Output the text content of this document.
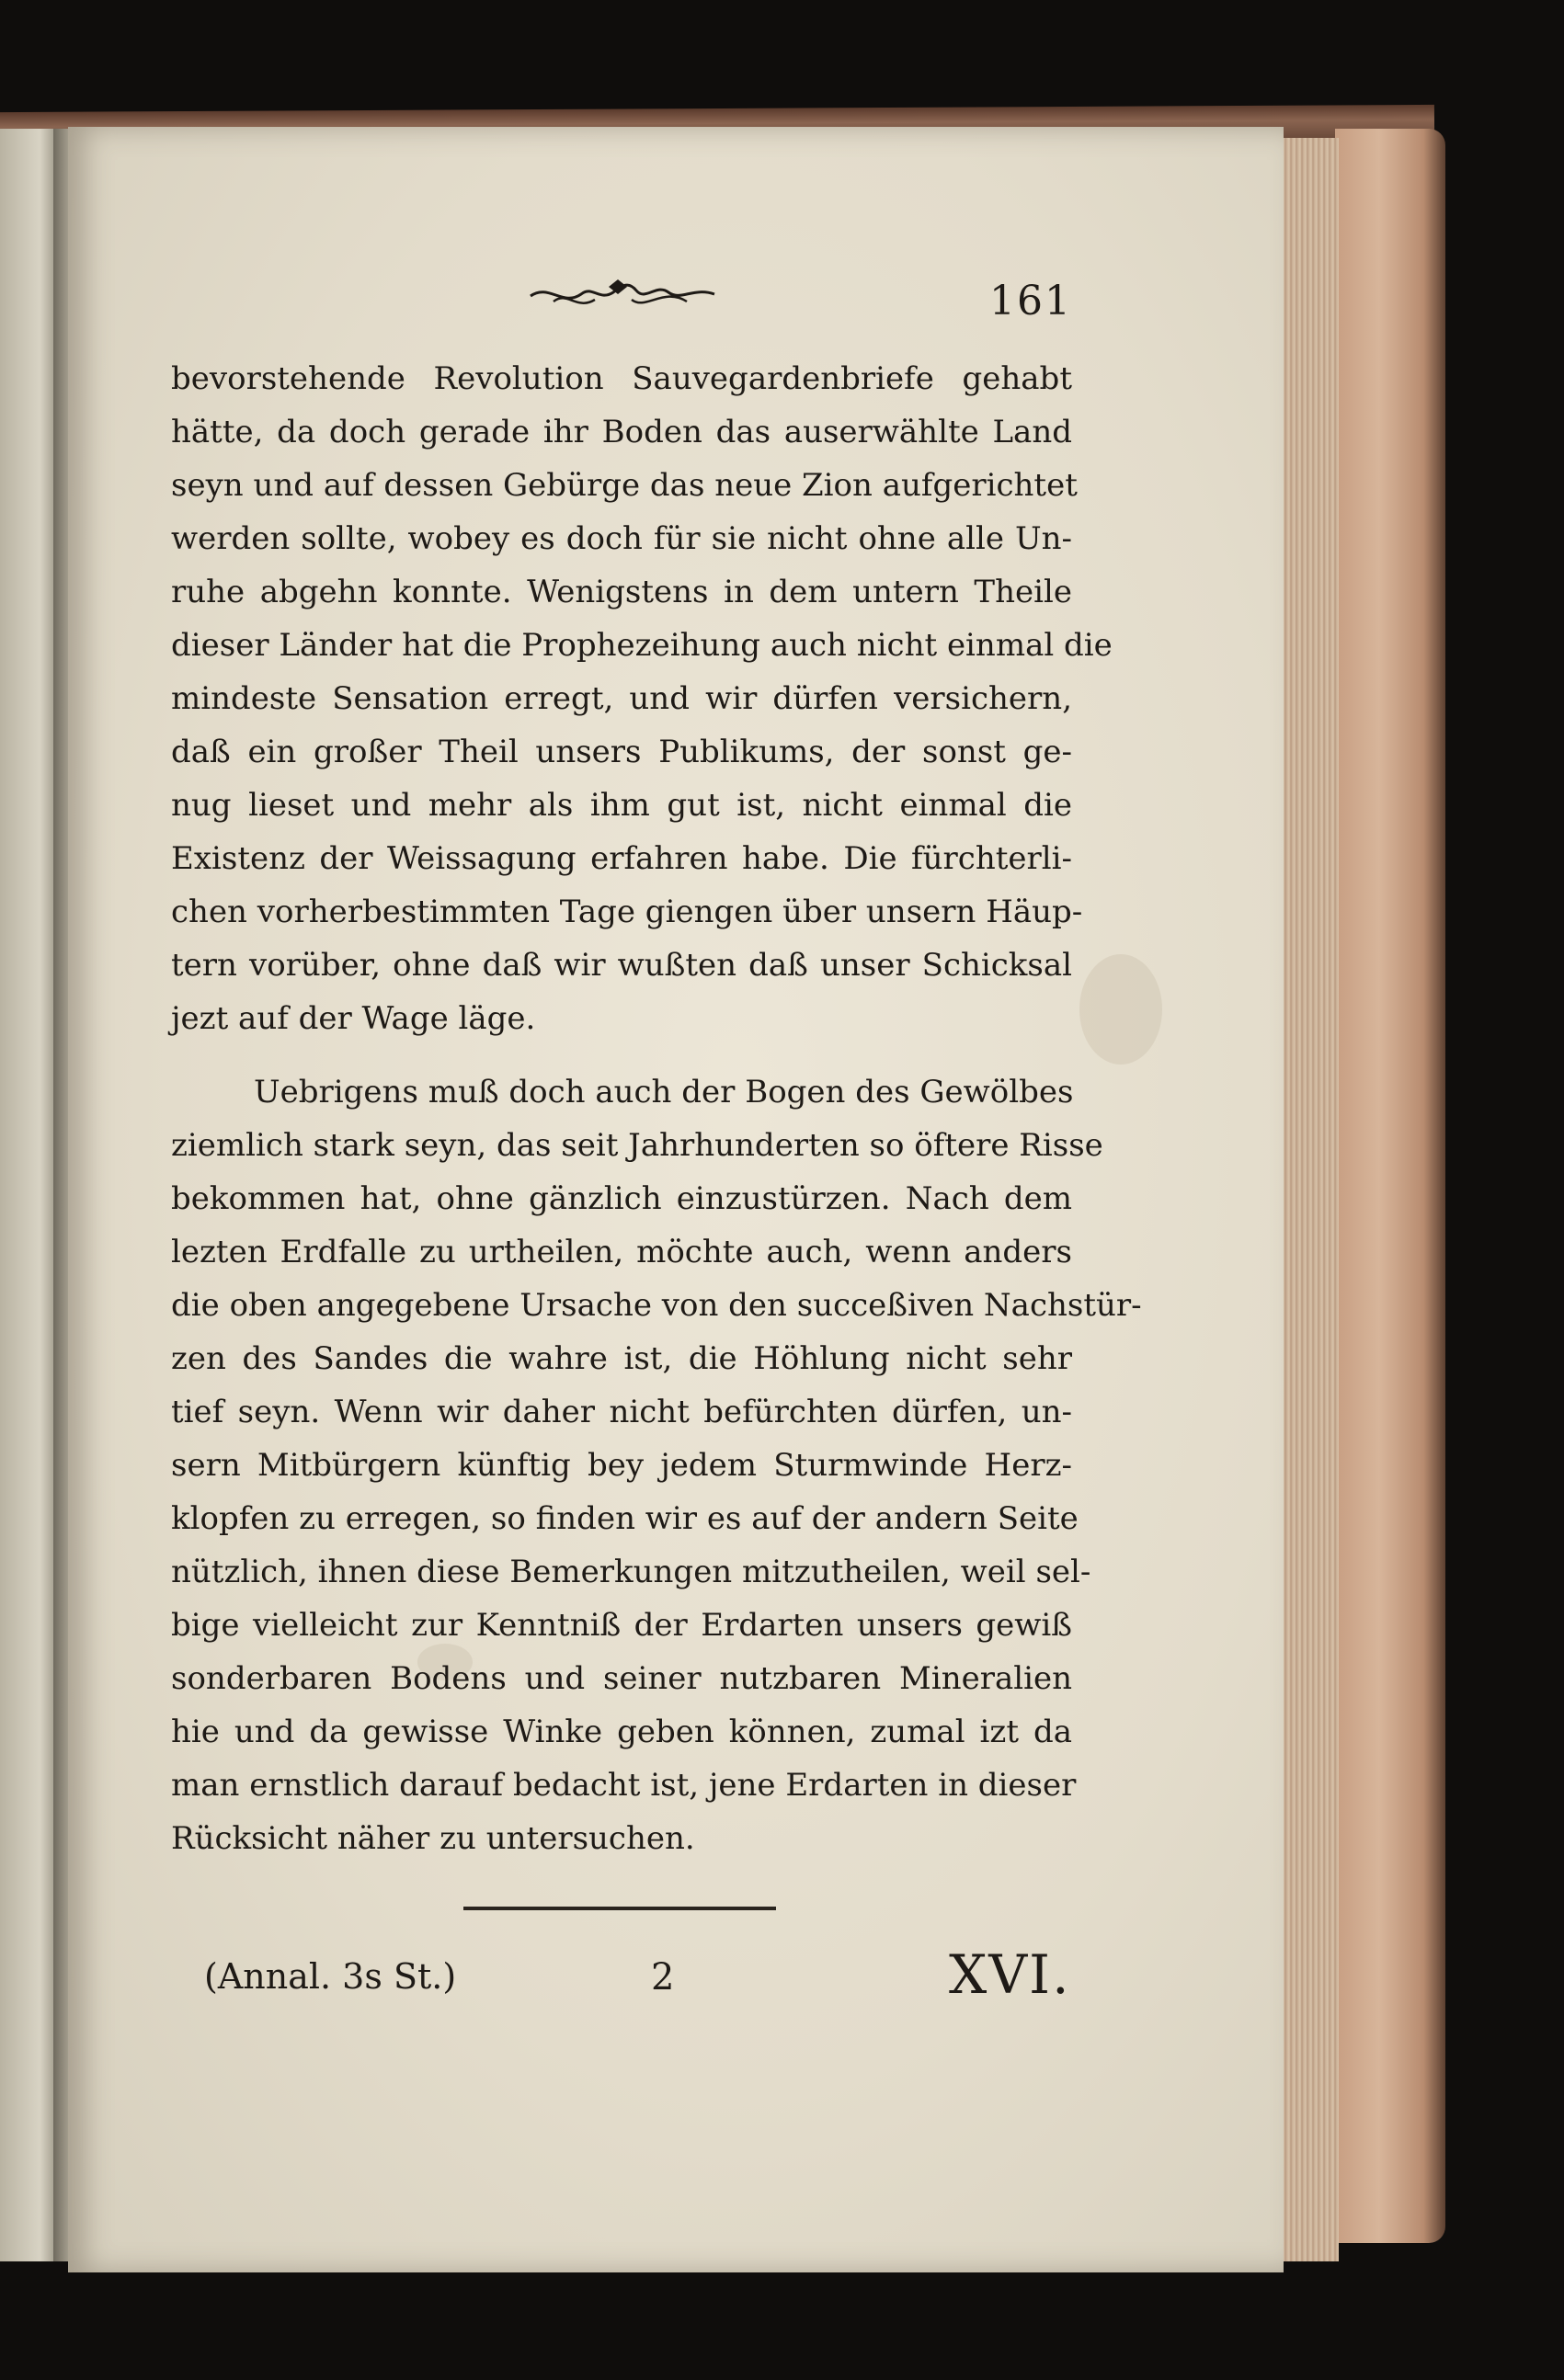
161
bevorstehende Revolution Sauvegardenbriefe gehabt
hätte, da doch gerade ihr Boden das auserwählte Land
seyn und auf dessen Gebürge das neue Zion aufgerichtet
werden sollte, wobey es doch für sie nicht ohne alle Un-
ruhe abgehn konnte. Wenigstens in dem untern Theile
dieser Länder hat die Prophezeihung auch nicht einmal die
mindeste Sensation erregt, und wir dürfen versichern,
daß ein großer Theil unsers Publikums, der sonst ge-
nug lieset und mehr als ihm gut ist, nicht einmal die
Existenz der Weissagung erfahren habe. Die fürchterli-
chen vorherbestimmten Tage giengen über unsern Häup-
tern vorüber, ohne daß wir wußten daß unser Schicksal
jezt auf der Wage läge.
Uebrigens muß doch auch der Bogen des Gewölbes
ziemlich stark seyn, das seit Jahrhunderten so öftere Risse
bekommen hat, ohne gänzlich einzustürzen. Nach dem
lezten Erdfalle zu urtheilen, möchte auch, wenn anders
die oben angegebene Ursache von den succeßiven Nachstür-
zen des Sandes die wahre ist, die Höhlung nicht sehr
tief seyn. Wenn wir daher nicht befürchten dürfen, un-
sern Mitbürgern künftig bey jedem Sturmwinde Herz-
klopfen zu erregen, so finden wir es auf der andern Seite
nützlich, ihnen diese Bemerkungen mitzutheilen, weil sel-
bige vielleicht zur Kenntniß der Erdarten unsers gewiß
sonderbaren Bodens und seiner nutzbaren Mineralien
hie und da gewisse Winke geben können, zumal izt da
man ernstlich darauf bedacht ist, jene Erdarten in dieser
Rücksicht näher zu untersuchen.
(Annal. 3s St.)	2	XVI.
